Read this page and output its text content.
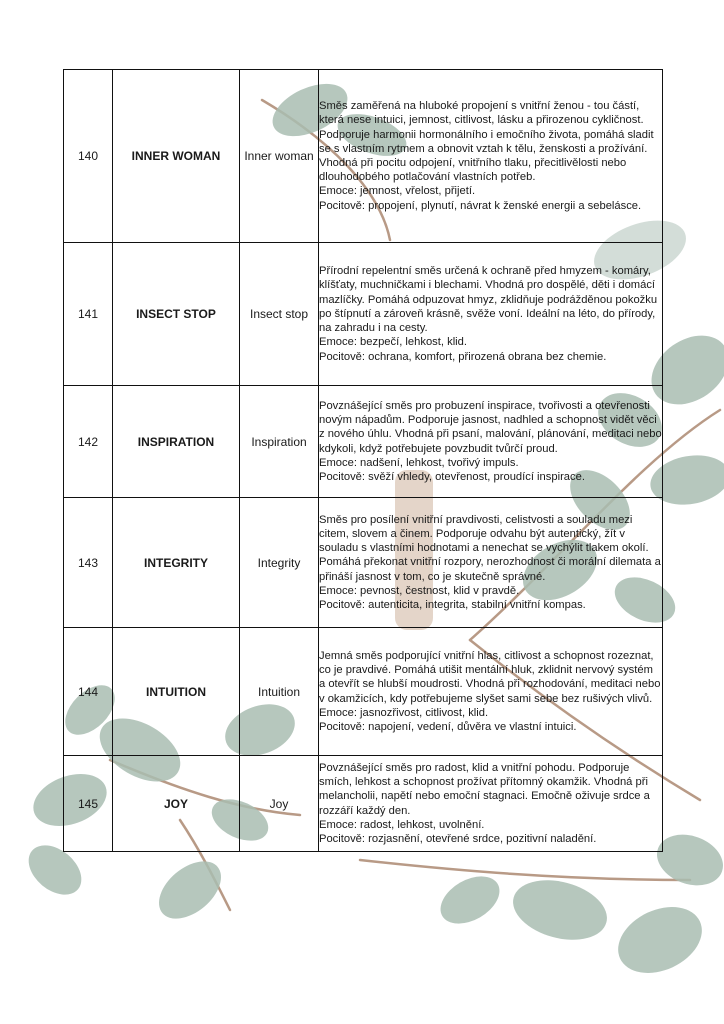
140	INNER WOMAN	Inner woman	Směs zaměřená na hluboké propojení s vnitřní ženou - tou částí, která nese intuici, jemnost, citlivost, lásku a přirozenou cykličnost. Podporuje harmonii hormonálního i emočního života, pomáhá sladit se s vlastním rytmem a obnovit vztah k tělu, ženskosti a prožívání. Vhodná při pocitu odpojení, vnitřního tlaku, přecitlivělosti nebo dlouhodobého potlačování vlastních potřeb.

Emoce: jemnost, vřelost, přijetí.

Pocitově: propojení, plynutí, návrat k ženské energii a sebelásce.

141	INSECT STOP	Insect stop	Přírodní repelentní směs určená k ochraně před hmyzem - komáry, klíšťaty, muchničkami i blechami. Vhodná pro dospělé, děti i domácí mazlíčky. Pomáhá odpuzovat hmyz, zklidňuje podrážděnou pokožku po štípnutí a zároveň krásně, svěže voní. Ideální na léto, do přírody, na zahradu i na cesty.

Emoce: bezpečí, lehkost, klid.

Pocitově: ochrana, komfort, přirozená obrana bez chemie.

142	INSPIRATION	Inspiration	Povznášející směs pro probuzení inspirace, tvořivosti a otevřenosti novým nápadům. Podporuje jasnost, nadhled a schopnost vidět věci z nového úhlu. Vhodná při psaní, malování, plánování, meditaci nebo kdykoli, když potřebujete povzbudit tvůrčí proud.

Emoce: nadšení, lehkost, tvořivý impuls.

Pocitově: svěží vhledy, otevřenost, proudící inspirace.

143	INTEGRITY	Integrity	Směs pro posílení vnitřní pravdivosti, celistvosti a souladu mezi citem, slovem a činem. Podporuje odvahu být autentický, žít v souladu s vlastními hodnotami a nenechat se vychýlit tlakem okolí. Pomáhá překonat vnitřní rozpory, nerozhodnost či morální dilemata a přináší jasnost v tom, co je skutečně správné.

Emoce: pevnost, čestnost, klid v pravdě.

Pocitově: autenticita, integrita, stabilní vnitřní kompas.

144	INTUITION	Intuition	Jemná směs podporující vnitřní hlas, citlivost a schopnost rozeznat, co je pravdivé. Pomáhá utišit mentální hluk, zklidnit nervový systém a otevřít se hlubší moudrosti. Vhodná při rozhodování, meditaci nebo v okamžicích, kdy potřebujeme slyšet sami sebe bez rušivých vlivů.

Emoce: jasnozřivost, citlivost, klid.

Pocitově: napojení, vedení, důvěra ve vlastní intuici.

145	JOY	Joy	Povznášející směs pro radost, klid a vnitřní pohodu. Podporuje smích, lehkost a schopnost prožívat přítomný okamžik. Vhodná při melancholii, napětí nebo emoční stagnaci. Emočně oživuje srdce a rozzáří každý den.

Emoce: radost, lehkost, uvolnění.

Pocitově: rozjasnění, otevřené srdce, pozitivní naladění.
